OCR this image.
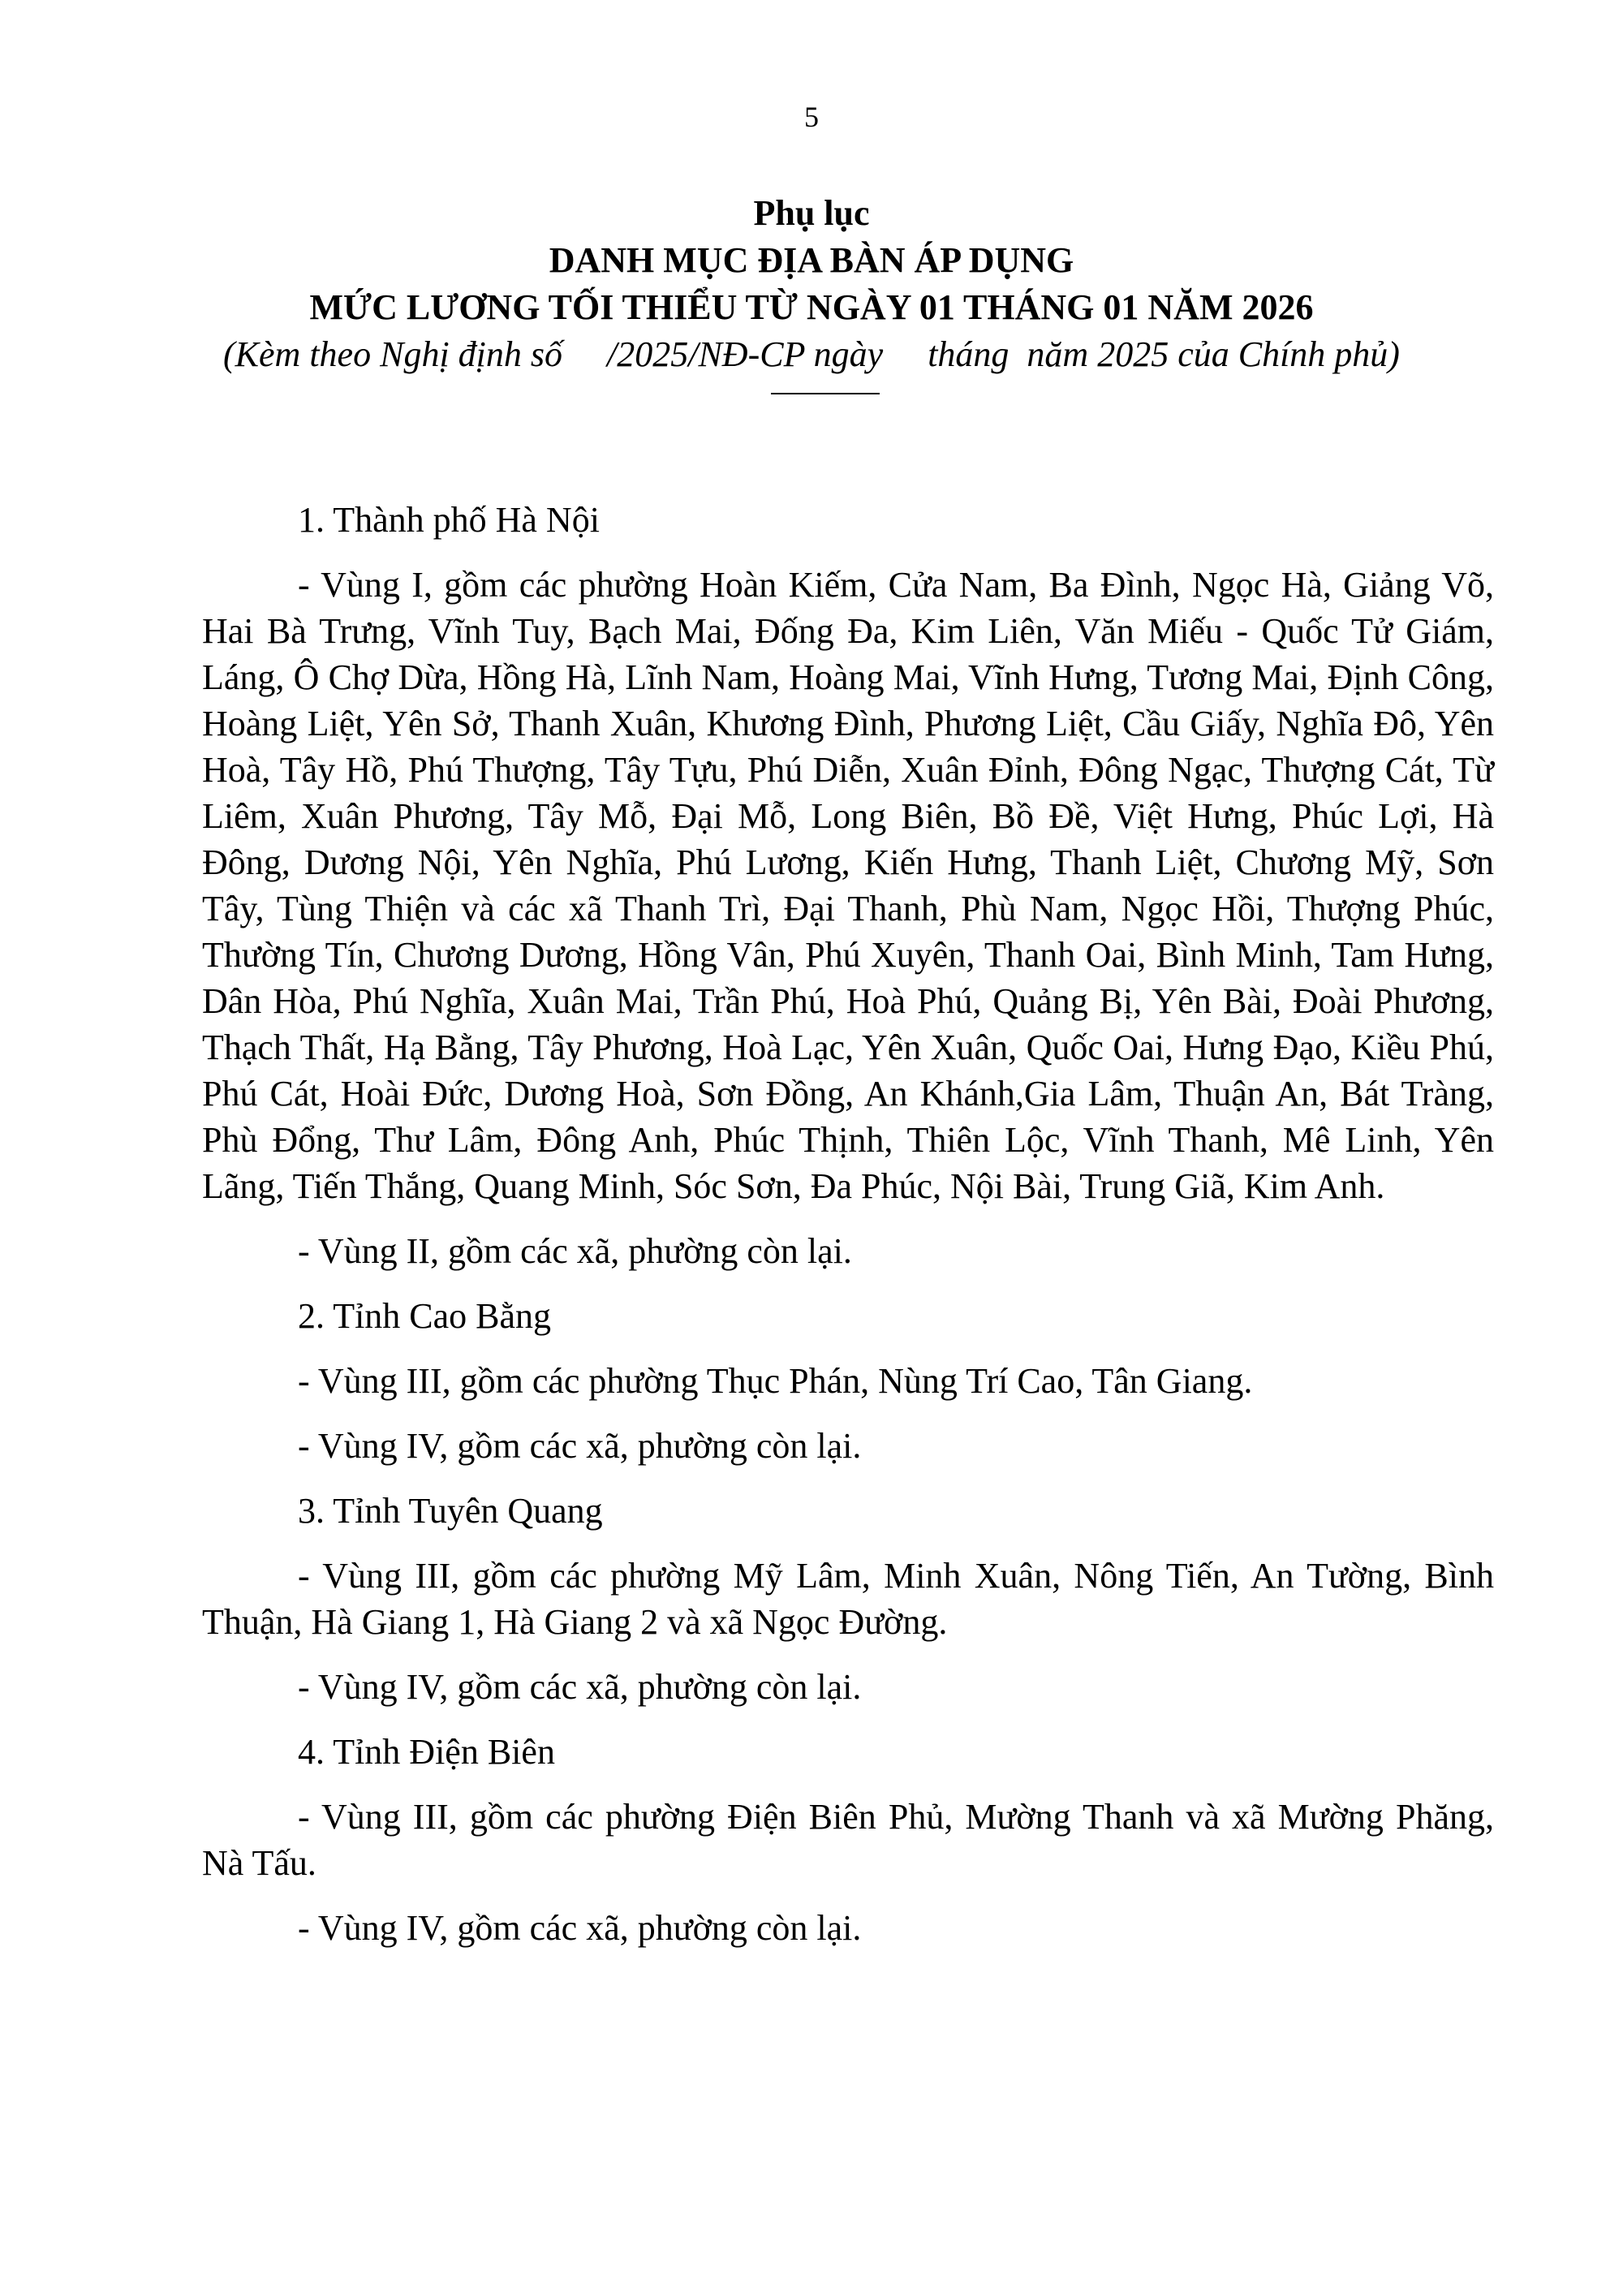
5
Phụ lục
DANH MỤC ĐỊA BÀN ÁP DỤNG
MỨC LƯƠNG TỐI THIỂU TỪ NGÀY 01 THÁNG 01 NĂM 2026
(Kèm theo Nghị định số     /2025/NĐ-CP ngày     tháng  năm 2025 của Chính phủ)

1. Thành phố Hà Nội

- Vùng I, gồm các phường Hoàn Kiếm, Cửa Nam, Ba Đình, Ngọc Hà, Giảng Võ, Hai Bà Trưng, Vĩnh Tuy, Bạch Mai, Đống Đa, Kim Liên, Văn Miếu - Quốc Tử Giám, Láng, Ô Chợ Dừa, Hồng Hà, Lĩnh Nam, Hoàng Mai, Vĩnh Hưng, Tương Mai, Định Công, Hoàng Liệt, Yên Sở, Thanh Xuân, Khương Đình, Phương Liệt, Cầu Giấy, Nghĩa Đô, Yên Hoà, Tây Hồ, Phú Thượng, Tây Tựu, Phú Diễn, Xuân Đỉnh, Đông Ngạc, Thượng Cát, Từ Liêm, Xuân Phương, Tây Mỗ, Đại Mỗ, Long Biên, Bồ Đề, Việt Hưng, Phúc Lợi, Hà Đông, Dương Nội, Yên Nghĩa, Phú Lương, Kiến Hưng, Thanh Liệt, Chương Mỹ, Sơn Tây, Tùng Thiện và các xã Thanh Trì, Đại Thanh, Phù Nam, Ngọc Hồi, Thượng Phúc, Thường Tín, Chương Dương, Hồng Vân, Phú Xuyên, Thanh Oai, Bình Minh, Tam Hưng, Dân Hòa, Phú Nghĩa, Xuân Mai, Trần Phú, Hoà Phú, Quảng Bị, Yên Bài, Đoài Phương, Thạch Thất, Hạ Bằng, Tây Phương, Hoà Lạc, Yên Xuân, Quốc Oai, Hưng Đạo, Kiều Phú, Phú Cát, Hoài Đức, Dương Hoà, Sơn Đồng, An Khánh,Gia Lâm, Thuận An, Bát Tràng, Phù Đổng, Thư Lâm, Đông Anh, Phúc Thịnh, Thiên Lộc, Vĩnh Thanh, Mê Linh, Yên Lãng, Tiến Thắng, Quang Minh, Sóc Sơn, Đa Phúc, Nội Bài, Trung Giã, Kim Anh.

- Vùng II, gồm các xã, phường còn lại.

2. Tỉnh Cao Bằng

- Vùng III, gồm các phường Thục Phán, Nùng Trí Cao, Tân Giang.

- Vùng IV, gồm các xã, phường còn lại.

3. Tỉnh Tuyên Quang

- Vùng III, gồm các phường Mỹ Lâm, Minh Xuân, Nông Tiến, An Tường, Bình Thuận, Hà Giang 1, Hà Giang 2 và xã Ngọc Đường.

- Vùng IV, gồm các xã, phường còn lại.

4. Tỉnh Điện Biên

- Vùng III, gồm các phường Điện Biên Phủ, Mường Thanh và xã Mường Phăng, Nà Tấu.

- Vùng IV, gồm các xã, phường còn lại.
